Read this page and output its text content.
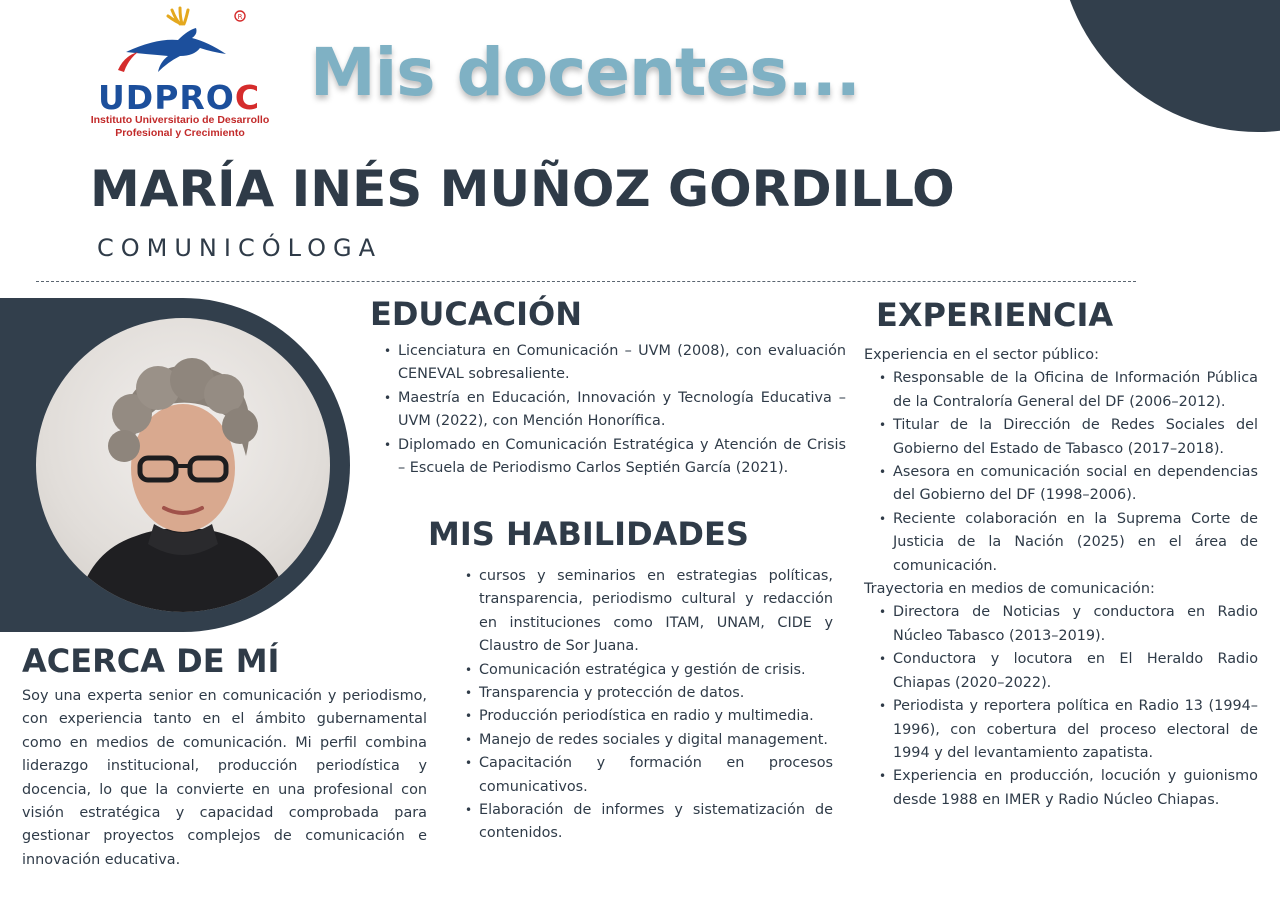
R
UDPROC
Instituto Universitario de Desarrollo
Profesional y Crecimiento
Mis docentes...
MARÍA INÉS MUÑOZ GORDILLO
COMUNICÓLOGA
EDUCACIÓN
• Licenciatura en Comunicación – UVM (2008), con evaluación CENEVAL sobresaliente.
• Maestría en Educación, Innovación y Tecnología Educativa – UVM (2022), con Mención Honorífica.
• Diplomado en Comunicación Estratégica y Atención de Crisis – Escuela de Periodismo Carlos Septién García (2021).
MIS HABILIDADES
• cursos y seminarios en estrategias políticas, transparencia, periodismo cultural y redacción en instituciones como ITAM, UNAM, CIDE y Claustro de Sor Juana.
• Comunicación estratégica y gestión de crisis.
• Transparencia y protección de datos.
• Producción periodística en radio y multimedia.
• Manejo de redes sociales y digital management.
• Capacitación y formación en procesos comunicativos.
• Elaboración de informes y sistematización de contenidos.
ACERCA DE MÍ
Soy una experta senior en comunicación y periodismo, con experiencia tanto en el ámbito gubernamental como en medios de comunicación. Mi perfil combina liderazgo institucional, producción periodística y docencia, lo que la convierte en una profesional con visión estratégica y capacidad comprobada para gestionar proyectos complejos de comunicación e innovación educativa.
EXPERIENCIA
Experiencia en el sector público:
• Responsable de la Oficina de Información Pública de la Contraloría General del DF (2006–2012).
• Titular de la Dirección de Redes Sociales del Gobierno del Estado de Tabasco (2017–2018).
• Asesora en comunicación social en dependencias del Gobierno del DF (1998–2006).
• Reciente colaboración en la Suprema Corte de Justicia de la Nación (2025) en el área de comunicación.
Trayectoria en medios de comunicación:
• Directora de Noticias y conductora en Radio Núcleo Tabasco (2013–2019).
• Conductora y locutora en El Heraldo Radio Chiapas (2020–2022).
• Periodista y reportera política en Radio 13 (1994–1996), con cobertura del proceso electoral de 1994 y del levantamiento zapatista.
• Experiencia en producción, locución y guionismo desde 1988 en IMER y Radio Núcleo Chiapas.
